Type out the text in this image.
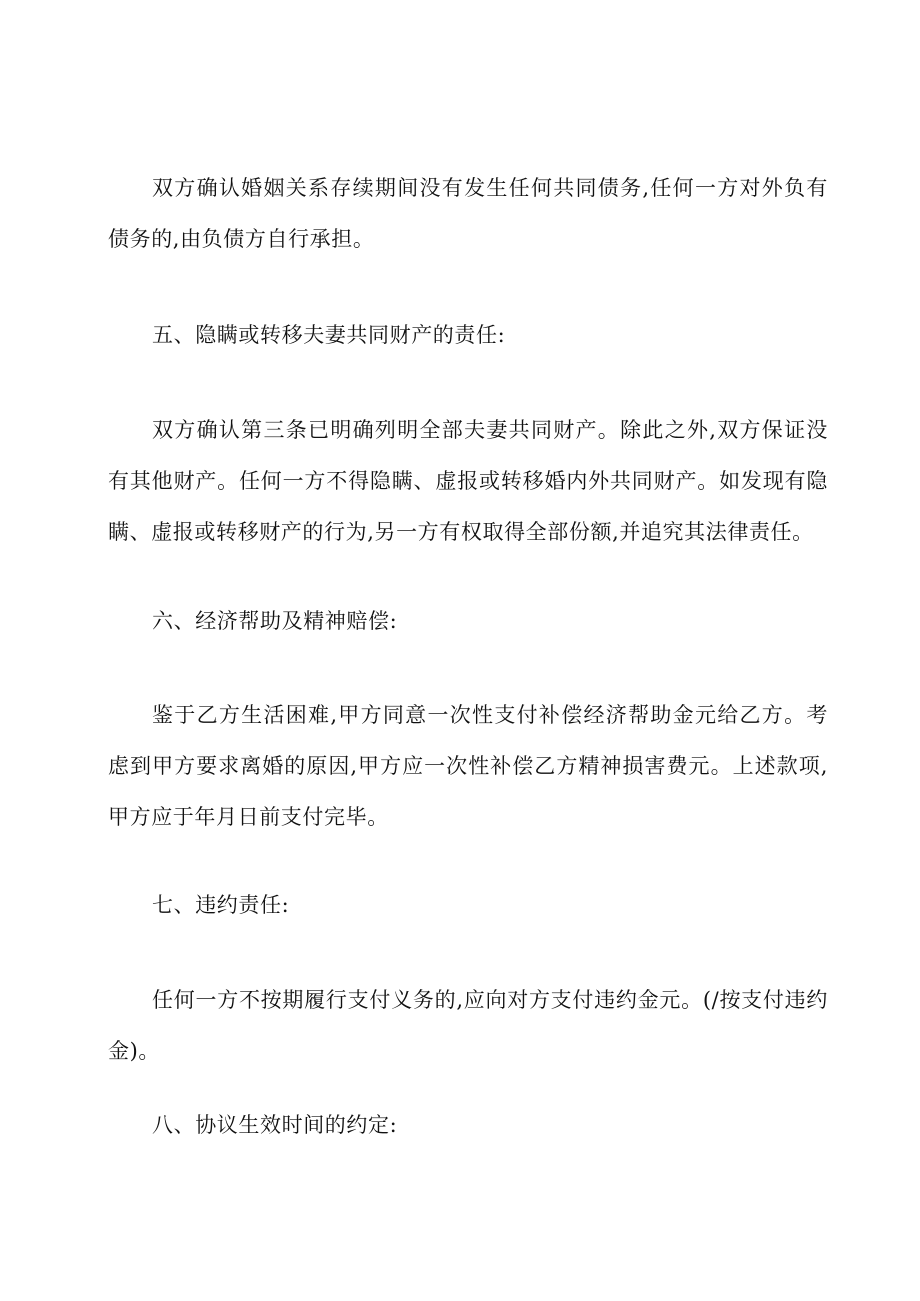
双方确认婚姻关系存续期间没有发生任何共同债务,任何一方对外负有债务的,由负债方自行承担。

五、隐瞒或转移夫妻共同财产的责任:

双方确认第三条已明确列明全部夫妻共同财产。除此之外,双方保证没有其他财产。任何一方不得隐瞒、虚报或转移婚内外共同财产。如发现有隐瞒、虚报或转移财产的行为,另一方有权取得全部份额,并追究其法律责任。

六、经济帮助及精神赔偿:

鉴于乙方生活困难,甲方同意一次性支付补偿经济帮助金元给乙方。考虑到甲方要求离婚的原因,甲方应一次性补偿乙方精神损害费元。上述款项,甲方应于年月日前支付完毕。

七、违约责任:

任何一方不按期履行支付义务的,应向对方支付违约金元。(/按支付违约金)。

八、协议生效时间的约定:
